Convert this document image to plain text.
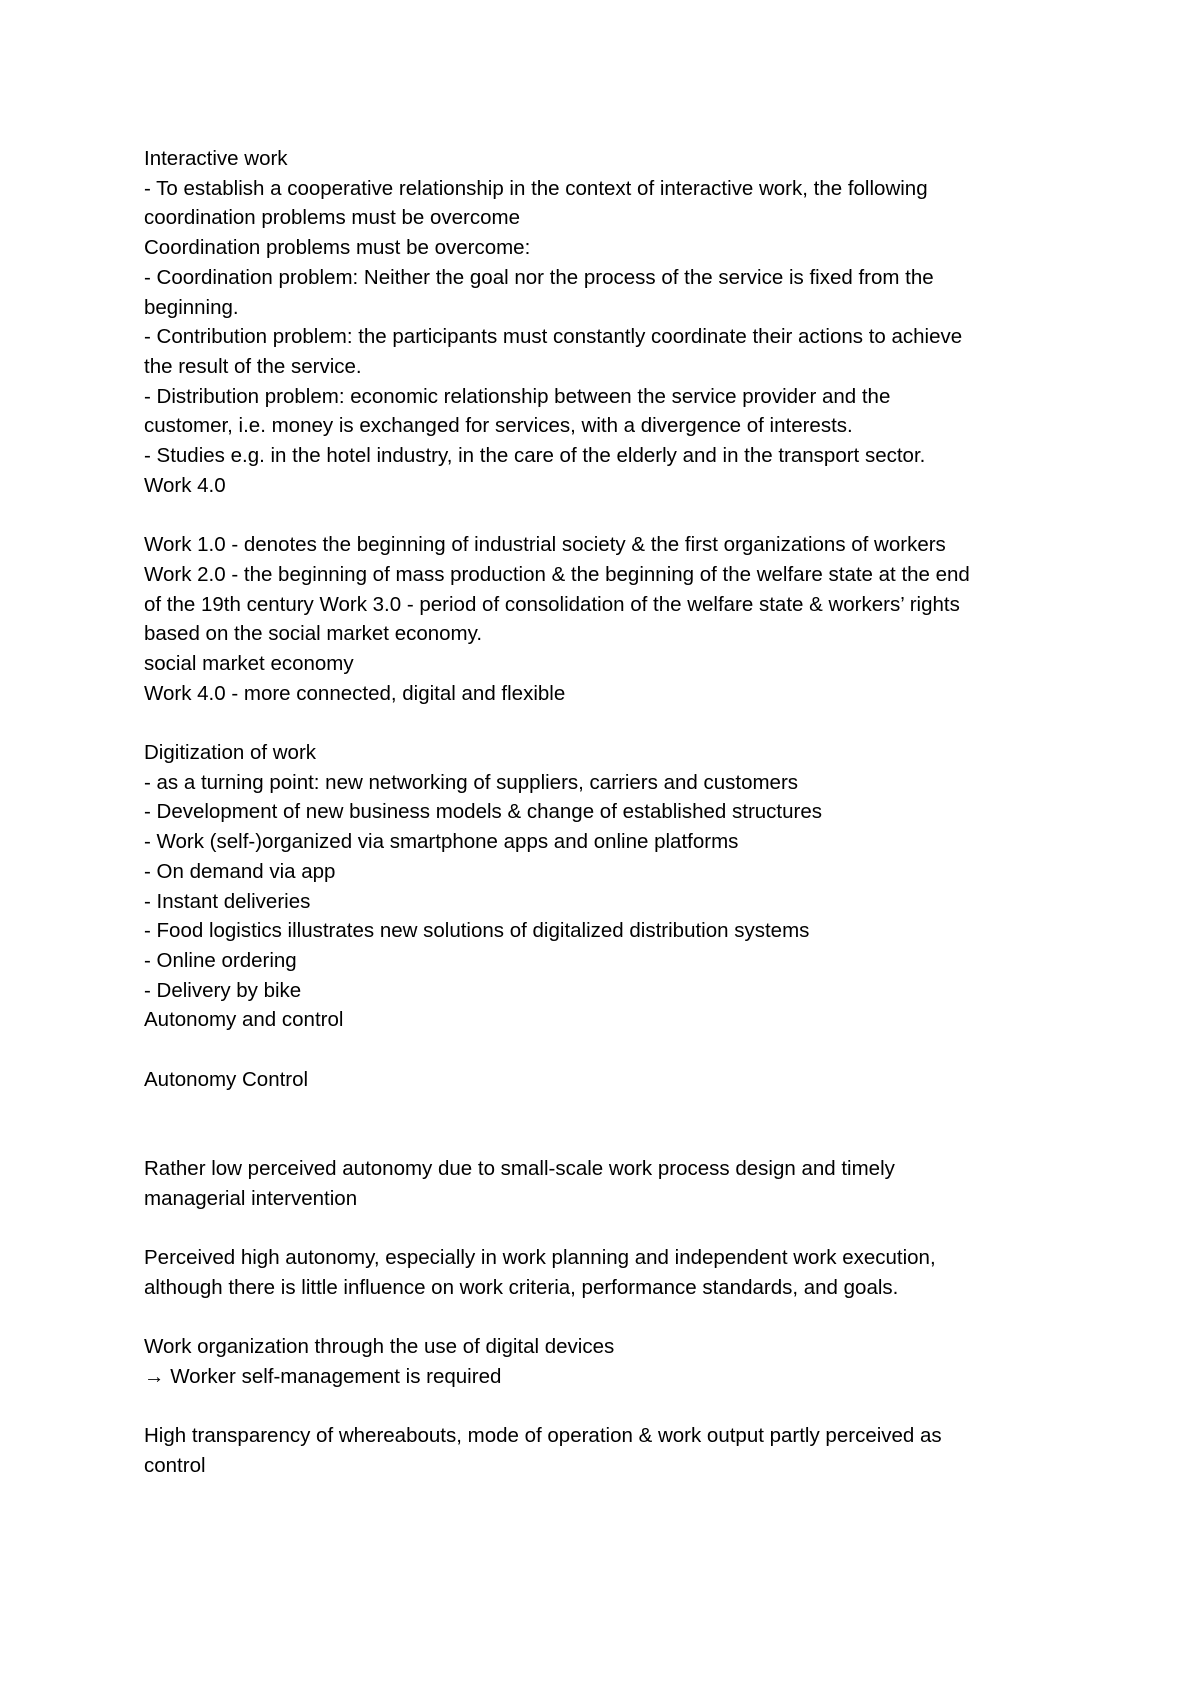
Interactive work
- To establish a cooperative relationship in the context of interactive work, the following
coordination problems must be overcome
Coordination problems must be overcome:
- Coordination problem: Neither the goal nor the process of the service is fixed from the
beginning.
- Contribution problem: the participants must constantly coordinate their actions to achieve
the result of the service.
- Distribution problem: economic relationship between the service provider and the
customer, i.e. money is exchanged for services, with a divergence of interests.
- Studies e.g. in the hotel industry, in the care of the elderly and in the transport sector.
Work 4.0
Work 1.0 - denotes the beginning of industrial society & the first organizations of workers
Work 2.0 - the beginning of mass production & the beginning of the welfare state at the end
of the 19th century Work 3.0 - period of consolidation of the welfare state & workers’ rights
based on the social market economy.
social market economy
Work 4.0 - more connected, digital and flexible
Digitization of work
- as a turning point: new networking of suppliers, carriers and customers
- Development of new business models & change of established structures
- Work (self-)organized via smartphone apps and online platforms
- On demand via app
- Instant deliveries
- Food logistics illustrates new solutions of digitalized distribution systems
- Online ordering
- Delivery by bike
Autonomy and control
Autonomy Control
Rather low perceived autonomy due to small-scale work process design and timely
managerial intervention
Perceived high autonomy, especially in work planning and independent work execution,
although there is little influence on work criteria, performance standards, and goals.
Work organization through the use of digital devices
→ Worker self-management is required
High transparency of whereabouts, mode of operation & work output partly perceived as
control
